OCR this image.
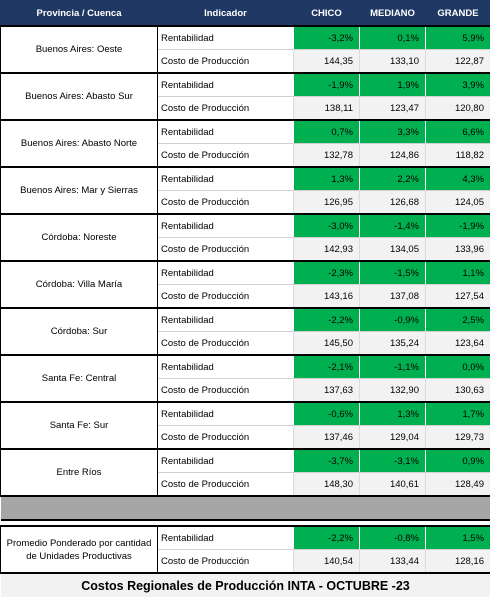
Provincia / Cuenca	Indicador	CHICO	MEDIANO	GRANDE
Buenos Aires: Oeste	Rentabilidad	-3,2%	0,1%	5,9%
	Costo de Producción	144,35	133,10	122,87
Buenos Aires: Abasto Sur	Rentabilidad	-1,9%	1,9%	3,9%
	Costo de Producción	138,11	123,47	120,80
Buenos Aires: Abasto Norte	Rentabilidad	0,7%	3,3%	6,6%
	Costo de Producción	132,78	124,86	118,82
Buenos Aires: Mar y Sierras	Rentabilidad	1,3%	2,2%	4,3%
	Costo de Producción	126,95	126,68	124,05
Córdoba: Noreste	Rentabilidad	-3,0%	-1,4%	-1,9%
	Costo de Producción	142,93	134,05	133,96
Córdoba: Villa María	Rentabilidad	-2,3%	-1,5%	1,1%
	Costo de Producción	143,16	137,08	127,54
Córdoba: Sur	Rentabilidad	-2,2%	-0,9%	2,5%
	Costo de Producción	145,50	135,24	123,64
Santa Fe: Central	Rentabilidad	-2,1%	-1,1%	0,0%
	Costo de Producción	137,63	132,90	130,63
Santa Fe: Sur	Rentabilidad	-0,6%	1,3%	1,7%
	Costo de Producción	137,46	129,04	129,73
Entre Ríos	Rentabilidad	-3,7%	-3,1%	0,9%
	Costo de Producción	148,30	140,61	128,49

Promedio Ponderado por cantidad de Unidades Productivas	Rentabilidad	-2,2%	-0,8%	1,5%
	Costo de Producción	140,54	133,44	128,16
Costos Regionales de Producción INTA - OCTUBRE -23				
